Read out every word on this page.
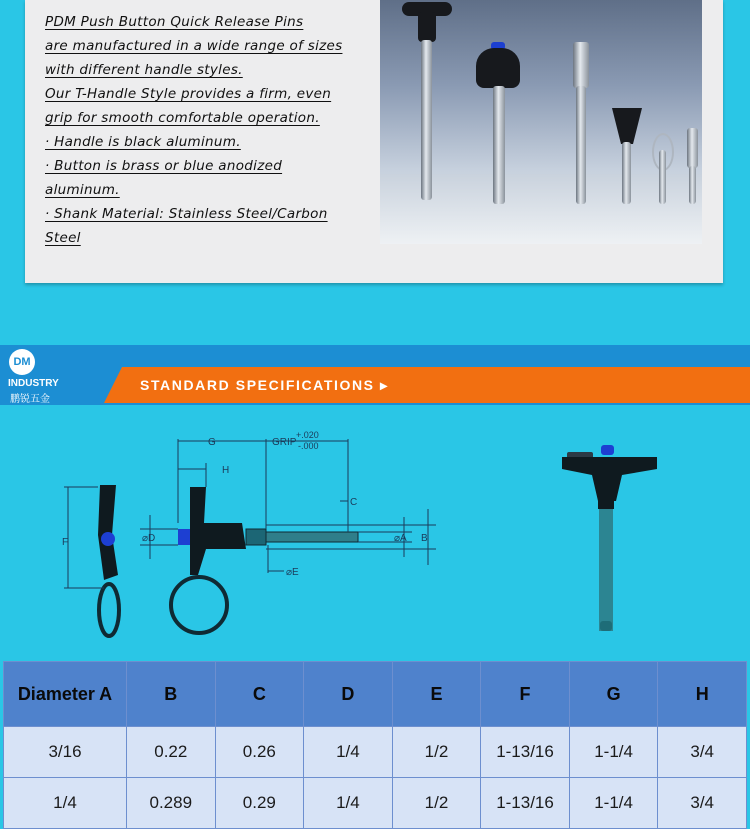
PDM Push Button Quick Release Pins
are manufactured in a wide range of sizes
with different handle styles.
Our T-Handle Style provides a firm, even
grip for smooth comfortable operation.
· Handle is black aluminum.
· Button is brass or blue anodized
aluminum.
· Shank Material: Stainless Steel/Carbon
Steel
DM
INDUSTRY
鹏锐五金
STANDARD SPECIFICATIONS ▸
G	GRIP
+.020
-.000
H
C
F	⌀D	⌀A B
⌀E
Diameter A	B	C	D	E	F	G	H
3/16	0.22	0.26	1/4	1/2	1-13/16	1-1/4	3/4
1/4	0.289	0.29	1/4	1/2	1-13/16	1-1/4	3/4
